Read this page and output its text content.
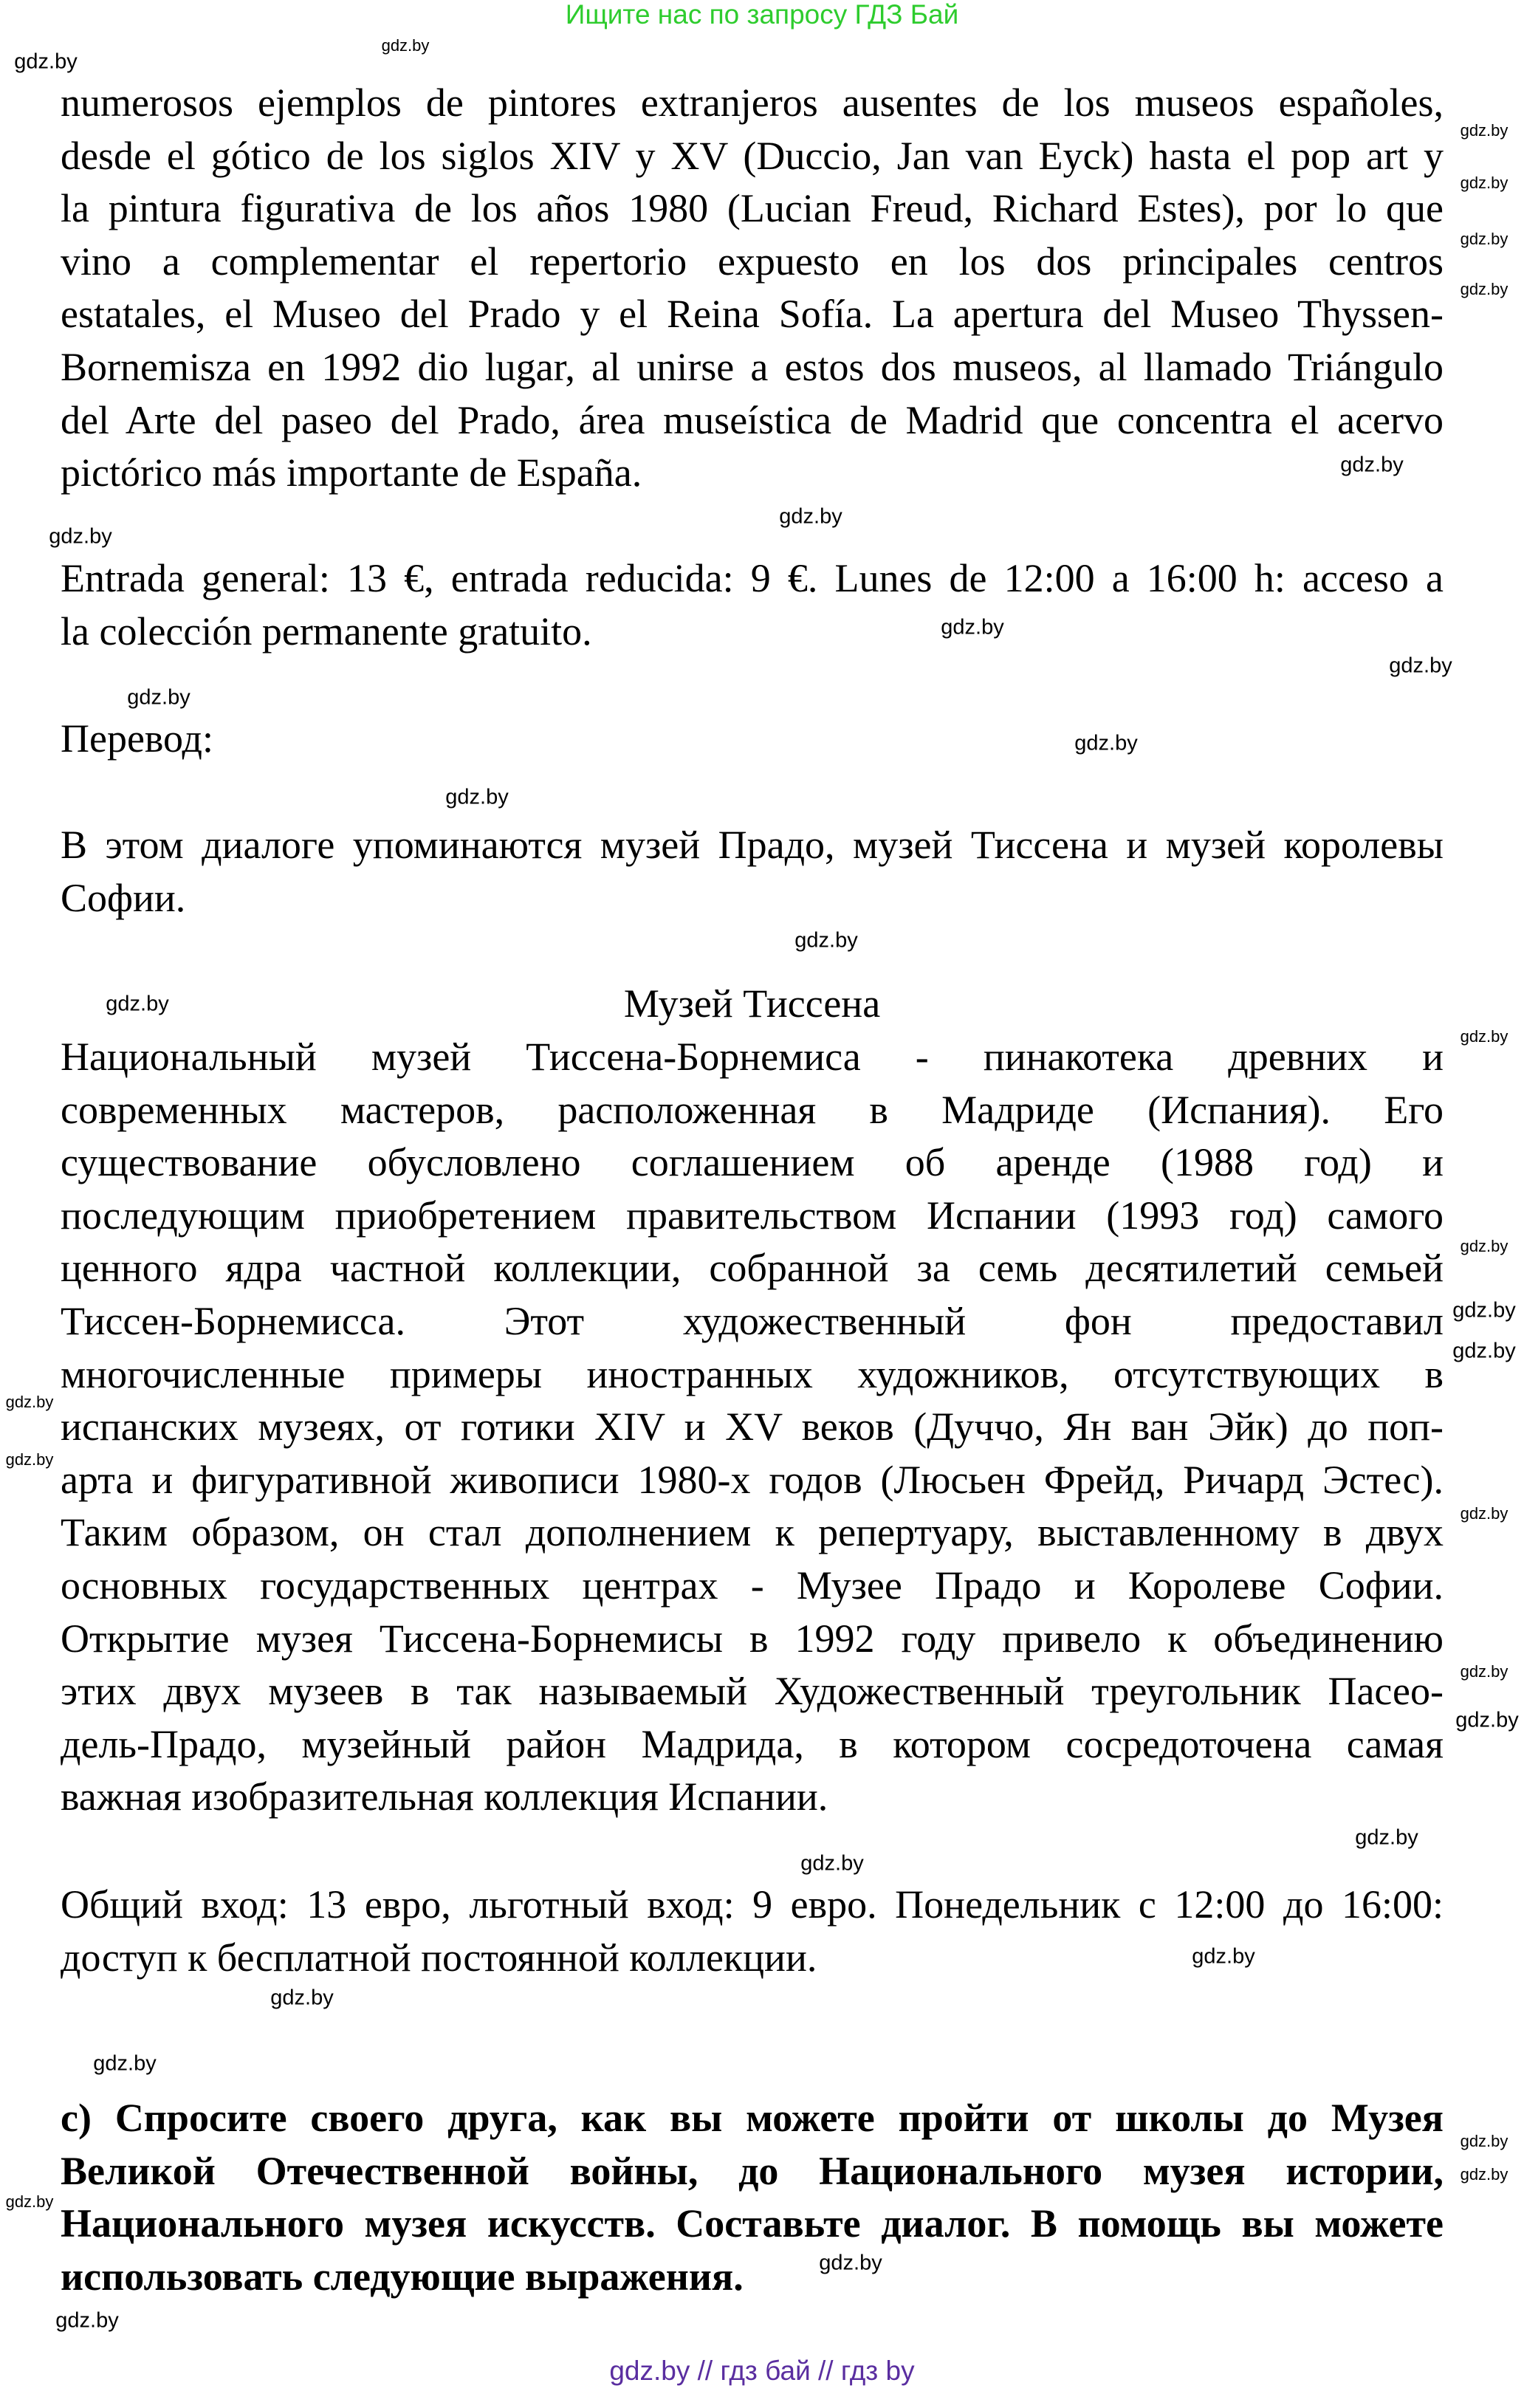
Ищите нас по запросу ГДЗ Бай
numerosos ejemplos de pintores extranjeros ausentes de los museos españoles,
desde el gótico de los siglos XIV y XV (Duccio, Jan van Eyck) hasta el pop art y
la pintura figurativa de los años 1980 (Lucian Freud, Richard Estes), por lo que
vino a complementar el repertorio expuesto en los dos principales centros
estatales, el Museo del Prado y el Reina Sofía. La apertura del Museo Thyssen-
Bornemisza en 1992 dio lugar, al unirse a estos dos museos, al llamado Triángulo
del Arte del paseo del Prado, área museística de Madrid que concentra el acervo
pictórico más importante de España.
Entrada general: 13 €, entrada reducida: 9 €. Lunes de 12:00 a 16:00 h: acceso a
la colección permanente gratuito.
Перевод:
В этом диалоге упоминаются музей Прадо, музей Тиссена и музей королевы
Софии.
Музей Тиссена
Национальный музей Тиссена-Борнемиса - пинакотека древних и
современных мастеров, расположенная в Мадриде (Испания). Его
существование обусловлено соглашением об аренде (1988 год) и
последующим приобретением правительством Испании (1993 год) самого
ценного ядра частной коллекции, собранной за семь десятилетий семьей
Тиссен-Борнемисса. Этот художественный фон предоставил
многочисленные примеры иностранных художников, отсутствующих в
испанских музеях, от готики XIV и XV веков (Дуччо, Ян ван Эйк) до поп-
арта и фигуративной живописи 1980-х годов (Люсьен Фрейд, Ричард Эстес).
Таким образом, он стал дополнением к репертуару, выставленному в двух
основных государственных центрах - Музее Прадо и Королеве Софии.
Открытие музея Тиссена-Борнемисы в 1992 году привело к объединению
этих двух музеев в так называемый Художественный треугольник Пасео-
дель-Прадо, музейный район Мадрида, в котором сосредоточена самая
важная изобразительная коллекция Испании.
Общий вход: 13 евро, льготный вход: 9 евро. Понедельник с 12:00 до 16:00:
доступ к бесплатной постоянной коллекции.
c) Спросите своего друга, как вы можете пройти от школы до Музея
Великой Отечественной войны, до Национального музея истории,
Национального музея искусств. Составьте диалог. В помощь вы можете
использовать следующие выражения.
gdz.by
gdz.by
gdz.by
gdz.by
gdz.by
gdz.by
gdz.by
gdz.by
gdz.by
gdz.by
gdz.by
gdz.by
gdz.by
gdz.by
gdz.by
gdz.by
gdz.by
gdz.by
gdz.by
gdz.by
gdz.by
gdz.by
gdz.by
gdz.by
gdz.by
gdz.by
gdz.by
gdz.by
gdz.by
gdz.by
gdz.by
gdz.by
gdz.by
gdz.by
gdz.by
gdz.by // гдз бай // гдз by
